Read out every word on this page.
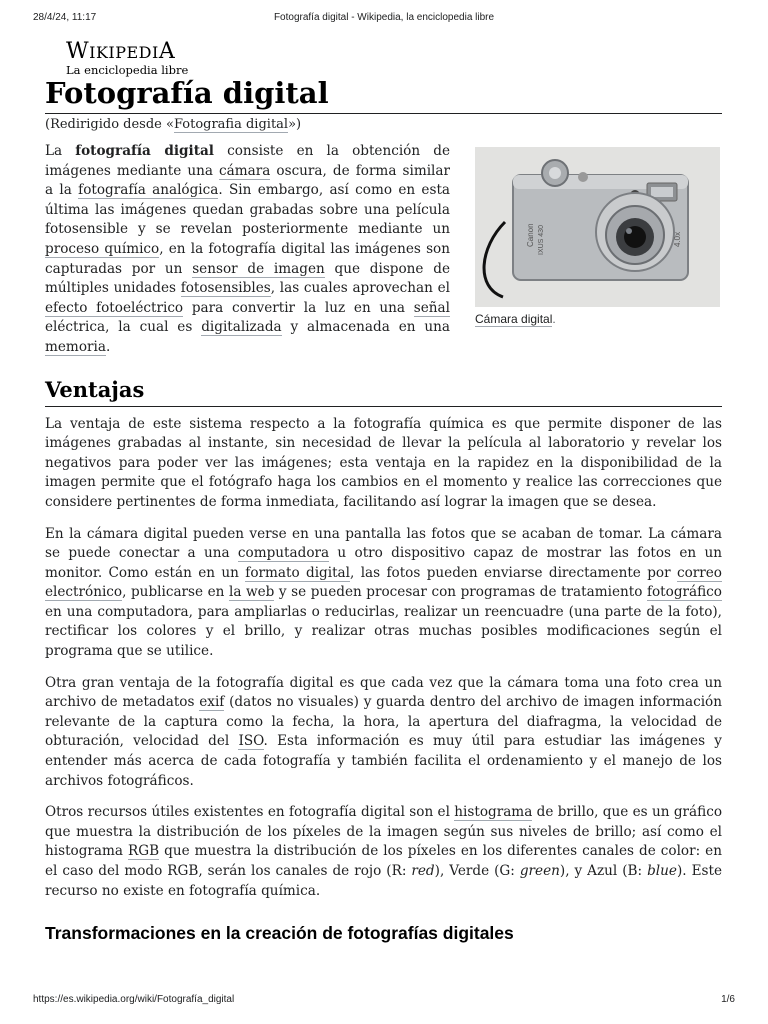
28/4/24, 11:17	Fotografía digital - Wikipedia, la enciclopedia libre
WIKIPEDIA
La enciclopedia libre
Fotografía digital
(Redirigido desde «Fotografia digital»)
Canon IXUS 430	4.0x
Cámara digital.

La fotografía digital consiste en la obtención de imágenes mediante una cámara oscura, de forma similar a la fotografía analógica. Sin embargo, así como en esta última las imágenes quedan grabadas sobre una película fotosensible y se revelan posteriormente mediante un proceso químico, en la fotografía digital las imágenes son capturadas por un sensor de imagen que dispone de múltiples unidades fotosensibles, las cuales aprovechan el efecto fotoeléctrico para convertir la luz en una señal eléctrica, la cual es digitalizada y almacenada en una memoria.

Ventajas

La ventaja de este sistema respecto a la fotografía química es que permite disponer de las imágenes grabadas al instante, sin necesidad de llevar la película al laboratorio y revelar los negativos para poder ver las imágenes; esta ventaja en la rapidez en la disponibilidad de la imagen permite que el fotógrafo haga los cambios en el momento y realice las correcciones que considere pertinentes de forma inmediata, facilitando así lograr la imagen que se desea.

En la cámara digital pueden verse en una pantalla las fotos que se acaban de tomar. La cámara se puede conectar a una computadora u otro dispositivo capaz de mostrar las fotos en un monitor. Como están en un formato digital, las fotos pueden enviarse directamente por correo electrónico, publicarse en la web y se pueden procesar con programas de tratamiento fotográfico en una computadora, para ampliarlas o reducirlas, realizar un reencuadre (una parte de la foto), rectificar los colores y el brillo, y realizar otras muchas posibles modificaciones según el programa que se utilice.

Otra gran ventaja de la fotografía digital es que cada vez que la cámara toma una foto crea un archivo de metadatos exif (datos no visuales) y guarda dentro del archivo de imagen información relevante de la captura como la fecha, la hora, la apertura del diafragma, la velocidad de obturación, velocidad del ISO. Esta información es muy útil para estudiar las imágenes y entender más acerca de cada fotografía y también facilita el ordenamiento y el manejo de los archivos fotográficos.

Otros recursos útiles existentes en fotografía digital son el histograma de brillo, que es un gráfico que muestra la distribución de los píxeles de la imagen según sus niveles de brillo; así como el histograma RGB que muestra la distribución de los píxeles en los diferentes canales de color: en el caso del modo RGB, serán los canales de rojo (R: red), Verde (G: green), y Azul (B: blue). Este recurso no existe en fotografía química.

Transformaciones en la creación de fotografías digitales
https://es.wikipedia.org/wiki/Fotografía_digital	1/6
